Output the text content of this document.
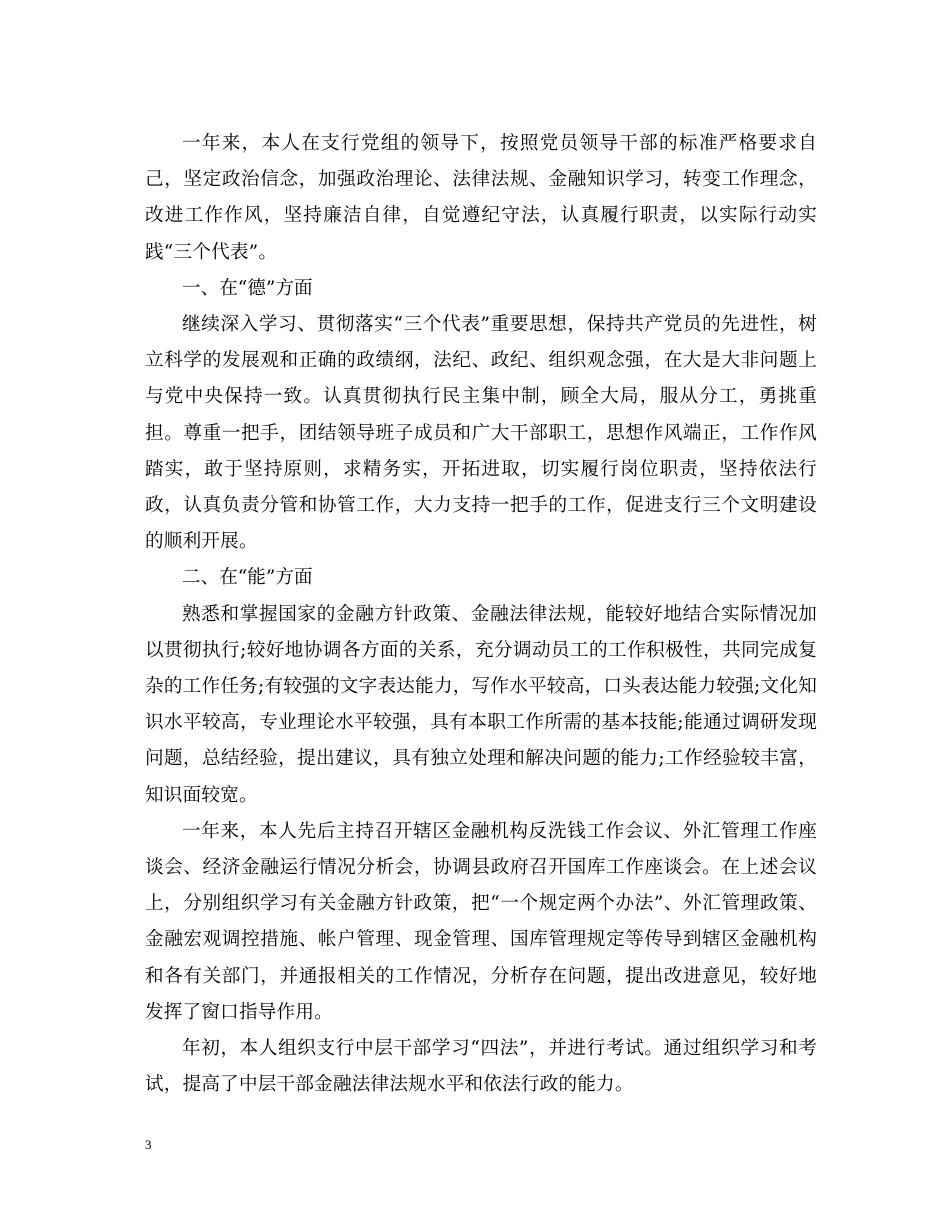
一年来，本人在支行党组的领导下，按照党员领导干部的标准严格要求自己，坚定政治信念，加强政治理论、法律法规、金融知识学习，转变工作理念，改进工作作风，坚持廉洁自律，自觉遵纪守法，认真履行职责，以实际行动实践“三个代表”。

一、在“德”方面

继续深入学习、贯彻落实“三个代表”重要思想，保持共产党员的先进性，树立科学的发展观和正确的政绩纲，法纪、政纪、组织观念强，在大是大非问题上与党中央保持一致。认真贯彻执行民主集中制，顾全大局，服从分工，勇挑重担。尊重一把手，团结领导班子成员和广大干部职工，思想作风端正，工作作风踏实，敢于坚持原则，求精务实，开拓进取，切实履行岗位职责，坚持依法行政，认真负责分管和协管工作，大力支持一把手的工作，促进支行三个文明建设的顺利开展。

二、在“能”方面

熟悉和掌握国家的金融方针政策、金融法律法规，能较好地结合实际情况加以贯彻执行;较好地协调各方面的关系，充分调动员工的工作积极性，共同完成复杂的工作任务;有较强的文字表达能力，写作水平较高，口头表达能力较强;文化知识水平较高，专业理论水平较强，具有本职工作所需的基本技能;能通过调研发现问题，总结经验，提出建议，具有独立处理和解决问题的能力;工作经验较丰富，知识面较宽。

一年来，本人先后主持召开辖区金融机构反洗钱工作会议、外汇管理工作座谈会、经济金融运行情况分析会，协调县政府召开国库工作座谈会。在上述会议上，分别组织学习有关金融方针政策，把“一个规定两个办法”、外汇管理政策、金融宏观调控措施、帐户管理、现金管理、国库管理规定等传导到辖区金融机构和各有关部门，并通报相关的工作情况，分析存在问题，提出改进意见，较好地发挥了窗口指导作用。

年初，本人组织支行中层干部学习“四法”，并进行考试。通过组织学习和考试，提高了中层干部金融法律法规水平和依法行政的能力。

3
